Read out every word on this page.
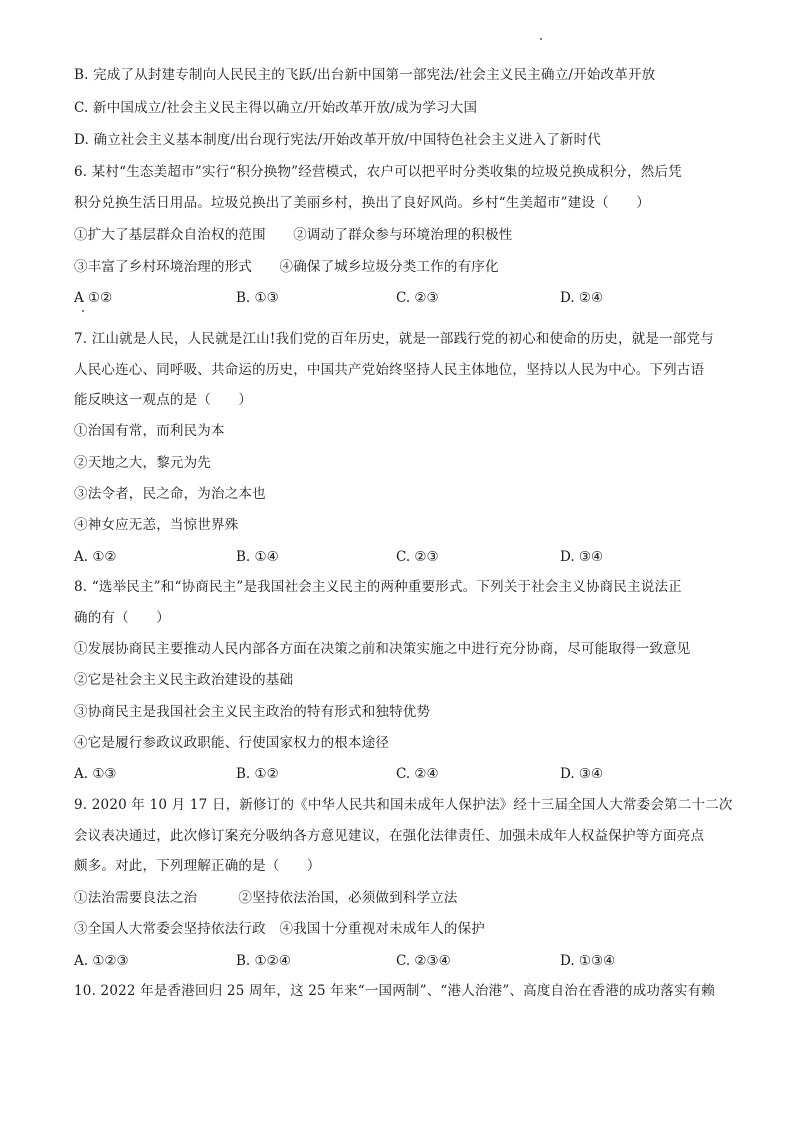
B. 完成了从封建专制向人民民主的飞跃/出台新中国第一部宪法/社会主义民主确立/开始改革开放
C. 新中国成立/社会主义民主得以确立/开始改革开放/成为学习大国
D. 确立社会主义基本制度/出台现行宪法/开始改革开放/中国特色社会主义进入了新时代
6. 某村“生态美超市”实行“积分换物”经营模式，农户可以把平时分类收集的垃圾兑换成积分，然后凭
积分兑换生活日用品。垃圾兑换出了美丽乡村，换出了良好风尚。乡村“生美超市”建设（　　）
①扩大了基层群众自治权的范围　　②调动了群众参与环境治理的积极性
③丰富了乡村环境治理的形式　　④确保了城乡垃圾分类工作的有序化
A ①②	B. ①③	C. ②③	D. ②④
7. 江山就是人民，人民就是江山!我们党的百年历史，就是一部践行党的初心和使命的历史，就是一部党与
人民心连心、同呼吸、共命运的历史，中国共产党始终坚持人民主体地位，坚持以人民为中心。下列古语
能反映这一观点的是（　　）
①治国有常，而利民为本
②天地之大，黎元为先
③法令者，民之命，为治之本也
④神女应无恙，当惊世界殊
A. ①②	B. ①④	C. ②③	D. ③④
8. “选举民主”和“协商民主”是我国社会主义民主的两种重要形式。下列关于社会主义协商民主说法正
确的有（　　）
①发展协商民主要推动人民内部各方面在决策之前和决策实施之中进行充分协商，尽可能取得一致意见
②它是社会主义民主政治建设的基础
③协商民主是我国社会主义民主政治的特有形式和独特优势
④它是履行参政议政职能、行使国家权力的根本途径
A. ①③	B. ①②	C. ②④	D. ③④
9. 2020 年 10 月 17 日，新修订的《中华人民共和国未成年人保护法》经十三届全国人大常委会第二十二次
会议表决通过，此次修订案充分吸纳各方意见建议，在强化法律责任、加强未成年人权益保护等方面亮点
颇多。对此，下列理解正确的是（　　）
①法治需要良法之治　　　②坚持依法治国，必须做到科学立法
③全国人大常委会坚持依法行政　④我国十分重视对未成年人的保护
A. ①②③	B. ①②④	C. ②③④	D. ①③④
10. 2022 年是香港回归 25 周年，这 25 年来“一国两制”、“港人治港”、高度自治在香港的成功落实有赖
